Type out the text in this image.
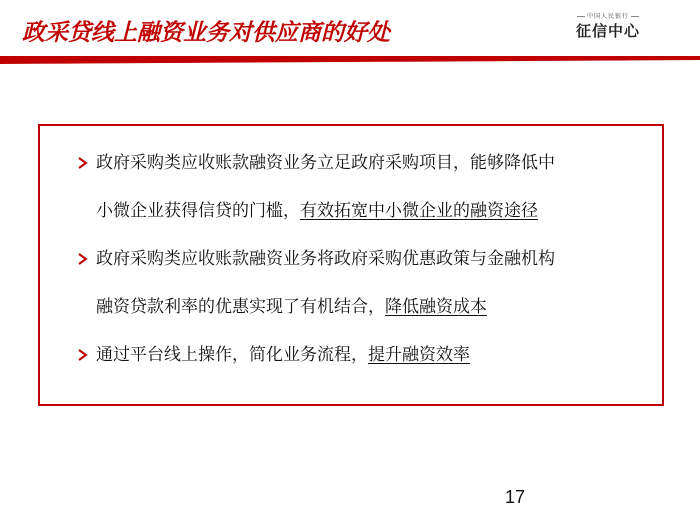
政采贷线上融资业务对供应商的好处
中国人民银行
征信中心
政府采购类应收账款融资业务立足政府采购项目，能够降低中
小微企业获得信贷的门槛，有效拓宽中小微企业的融资途径
政府采购类应收账款融资业务将政府采购优惠政策与金融机构
融资贷款利率的优惠实现了有机结合，降低融资成本
通过平台线上操作，简化业务流程，提升融资效率
17
